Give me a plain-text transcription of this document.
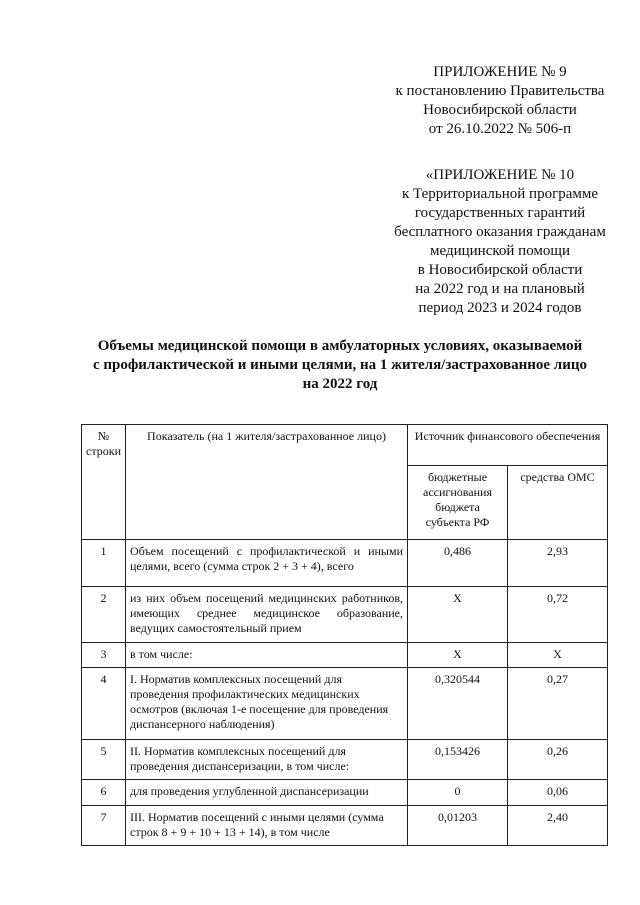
ПРИЛОЖЕНИЕ № 9
к постановлению Правительства
Новосибирской области
от 26.10.2022 № 506-п
«ПРИЛОЖЕНИЕ № 10
к Территориальной программе
государственных гарантий
бесплатного оказания гражданам
медицинской помощи
в Новосибирской области
на 2022 год и на плановый
период 2023 и 2024 годов
Объемы медицинской помощи в амбулаторных условиях, оказываемой
с профилактической и иными целями, на 1 жителя/застрахованное лицо
на 2022 год
№ строки	Показатель (на 1 жителя/застрахованное лицо)	Источник финансового обеспечения	
		бюджетные ассигнования бюджета субъекта РФ	средства ОМС
1	Объем посещений с профилактической и иными целями, всего (сумма строк 2 + 3 + 4), всего	0,486	2,93
2	из них объем посещений медицинских работников, имеющих среднее медицинское образование, ведущих самостоятельный прием	X	0,72
3	в том числе:	X	X
4	I. Норматив комплексных посещений для проведения профилактических медицинских осмотров (включая 1-е посещение для проведения диспансерного наблюдения)	0,320544	0,27
5	II. Норматив комплексных посещений для проведения диспансеризации, в том числе:	0,153426	0,26
6	для проведения углубленной диспансеризации	0	0,06
7	III. Норматив посещений с иными целями (сумма строк 8 + 9 + 10 + 13 + 14), в том числе	0,01203	2,40
